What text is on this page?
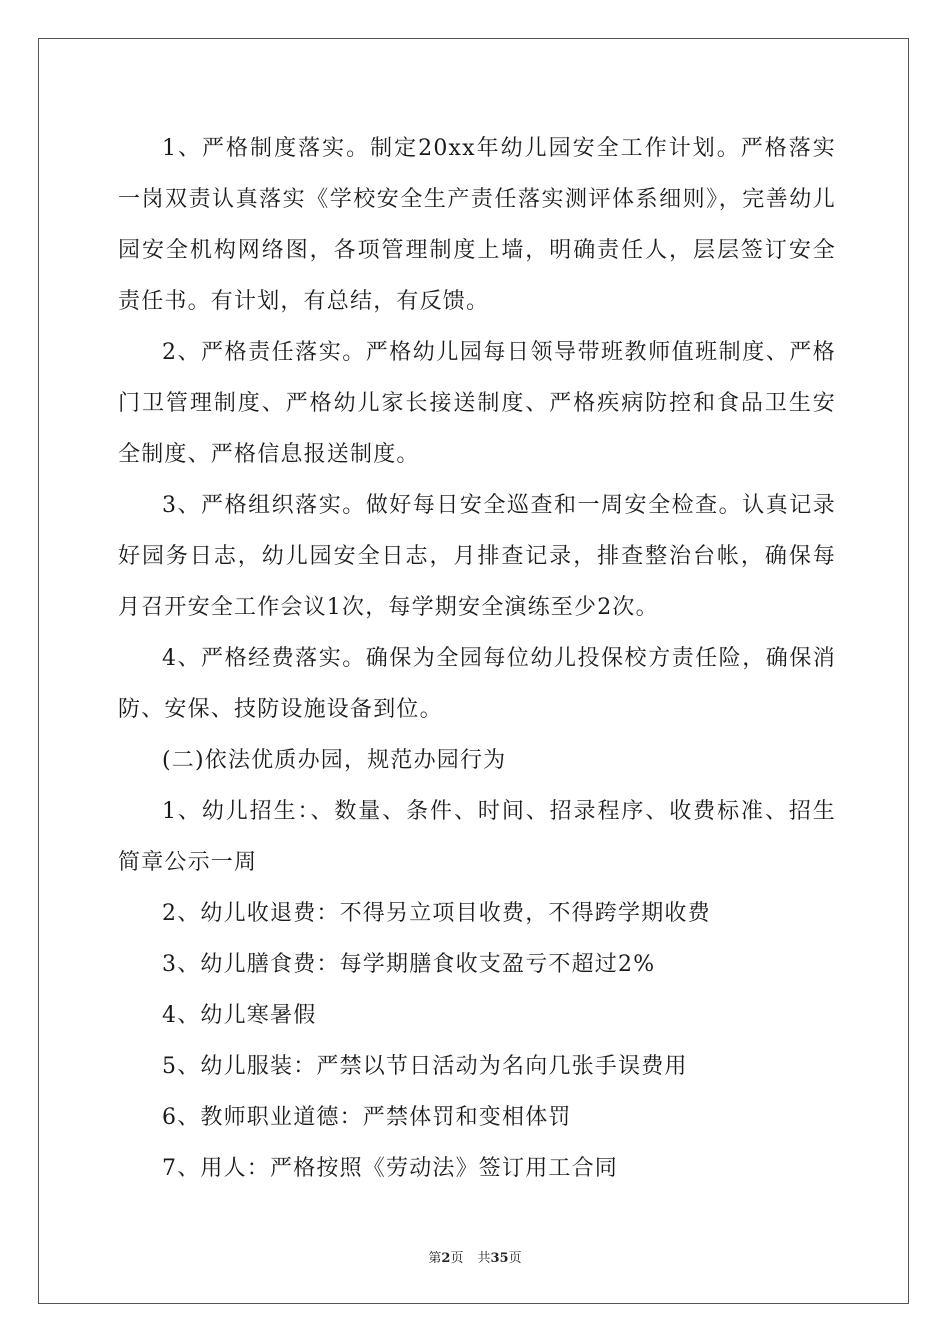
1、严格制度落实。制定20xx年幼儿园安全工作计划。严格落实一岗双责认真落实《学校安全生产责任落实测评体系细则》，完善幼儿园安全机构网络图，各项管理制度上墙，明确责任人，层层签订安全责任书。有计划，有总结，有反馈。

2、严格责任落实。严格幼儿园每日领导带班教师值班制度、严格门卫管理制度、严格幼儿家长接送制度、严格疾病防控和食品卫生安全制度、严格信息报送制度。

3、严格组织落实。做好每日安全巡查和一周安全检查。认真记录好园务日志，幼儿园安全日志，月排查记录，排查整治台帐，确保每月召开安全工作会议1次，每学期安全演练至少2次。

4、严格经费落实。确保为全园每位幼儿投保校方责任险，确保消防、安保、技防设施设备到位。

(二)依法优质办园，规范办园行为

1、幼儿招生：、数量、条件、时间、招录程序、收费标准、招生简章公示一周

2、幼儿收退费：不得另立项目收费，不得跨学期收费

3、幼儿膳食费：每学期膳食收支盈亏不超过2%

4、幼儿寒暑假

5、幼儿服装：严禁以节日活动为名向几张手误费用

6、教师职业道德：严禁体罚和变相体罚

7、用人：严格按照《劳动法》签订用工合同

第2页 共35页
